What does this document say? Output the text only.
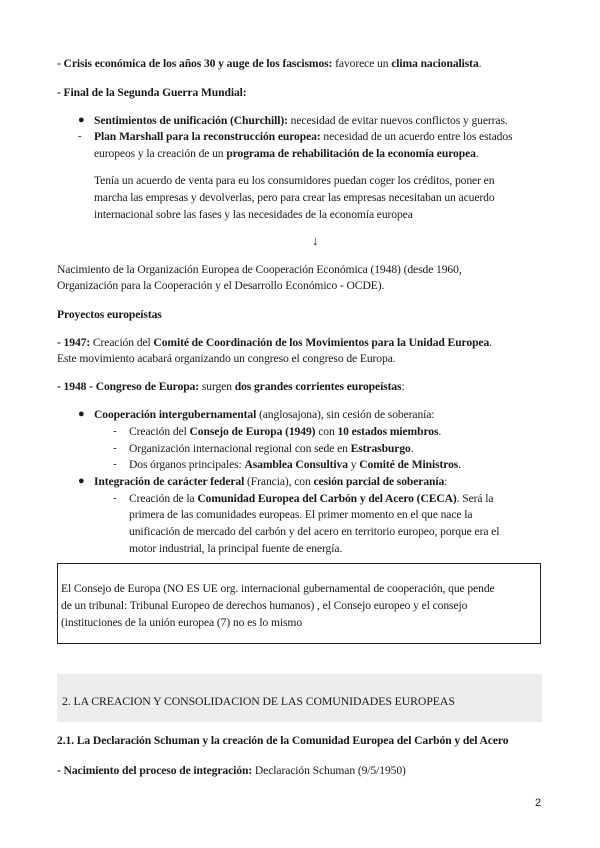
- Crisis económica de los años 30 y auge de los fascismos: favorece un clima nacionalista.
- Final de la Segunda Guerra Mundial:
● Sentimientos de unificación (Churchill): necesidad de evitar nuevos conflictos y guerras.
- Plan Marshall para la reconstrucción europea: necesidad de un acuerdo entre los estados
europeos y la creación de un programa de rehabilitación de la economía europea.
Tenía un acuerdo de venta para eu los consumidores puedan coger los créditos, poner en
marcha las empresas y devolverlas, pero para crear las empresas necesitaban un acuerdo
internacional sobre las fases y las necesidades de la economía europea
↓
Nacimiento de la Organización Europea de Cooperación Económica (1948) (desde 1960,
Organización para la Cooperación y el Desarrollo Económico - OCDE).
Proyectos europeístas
- 1947: Creación del Comité de Coordinación de los Movimientos para la Unidad Europea.
Este movimiento acabará organizando un congreso el congreso de Europa.
- 1948 - Congreso de Europa: surgen dos grandes corrientes europeístas:
● Cooperación intergubernamental (anglosajona), sin cesión de soberanía:
- Creación del Consejo de Europa (1949) con 10 estados miembros.
- Organización internacional regional con sede en Estrasburgo.
- Dos órganos principales: Asamblea Consultiva y Comité de Ministros.
● Integración de carácter federal (Francia), con cesión parcial de soberanía:
- Creación de la Comunidad Europea del Carbón y del Acero (CECA). Será la
primera de las comunidades europeas. El primer momento en el que nace la
unificación de mercado del carbón y del acero en territorio europeo, porque era el
motor industrial, la principal fuente de energía.
El Consejo de Europa (NO ES UE org. internacional gubernamental de cooperación, que pende
de un tribunal: Tribunal Europeo de derechos humanos) , el Consejo europeo y el consejo
(instituciones de la unión europea (7) no es lo mismo
2. LA CREACION Y CONSOLIDACION DE LAS COMUNIDADES EUROPEAS
2.1. La Declaración Schuman y la creación de la Comunidad Europea del Carbón y del Acero
- Nacimiento del proceso de integración: Declaración Schuman (9/5/1950)
2
